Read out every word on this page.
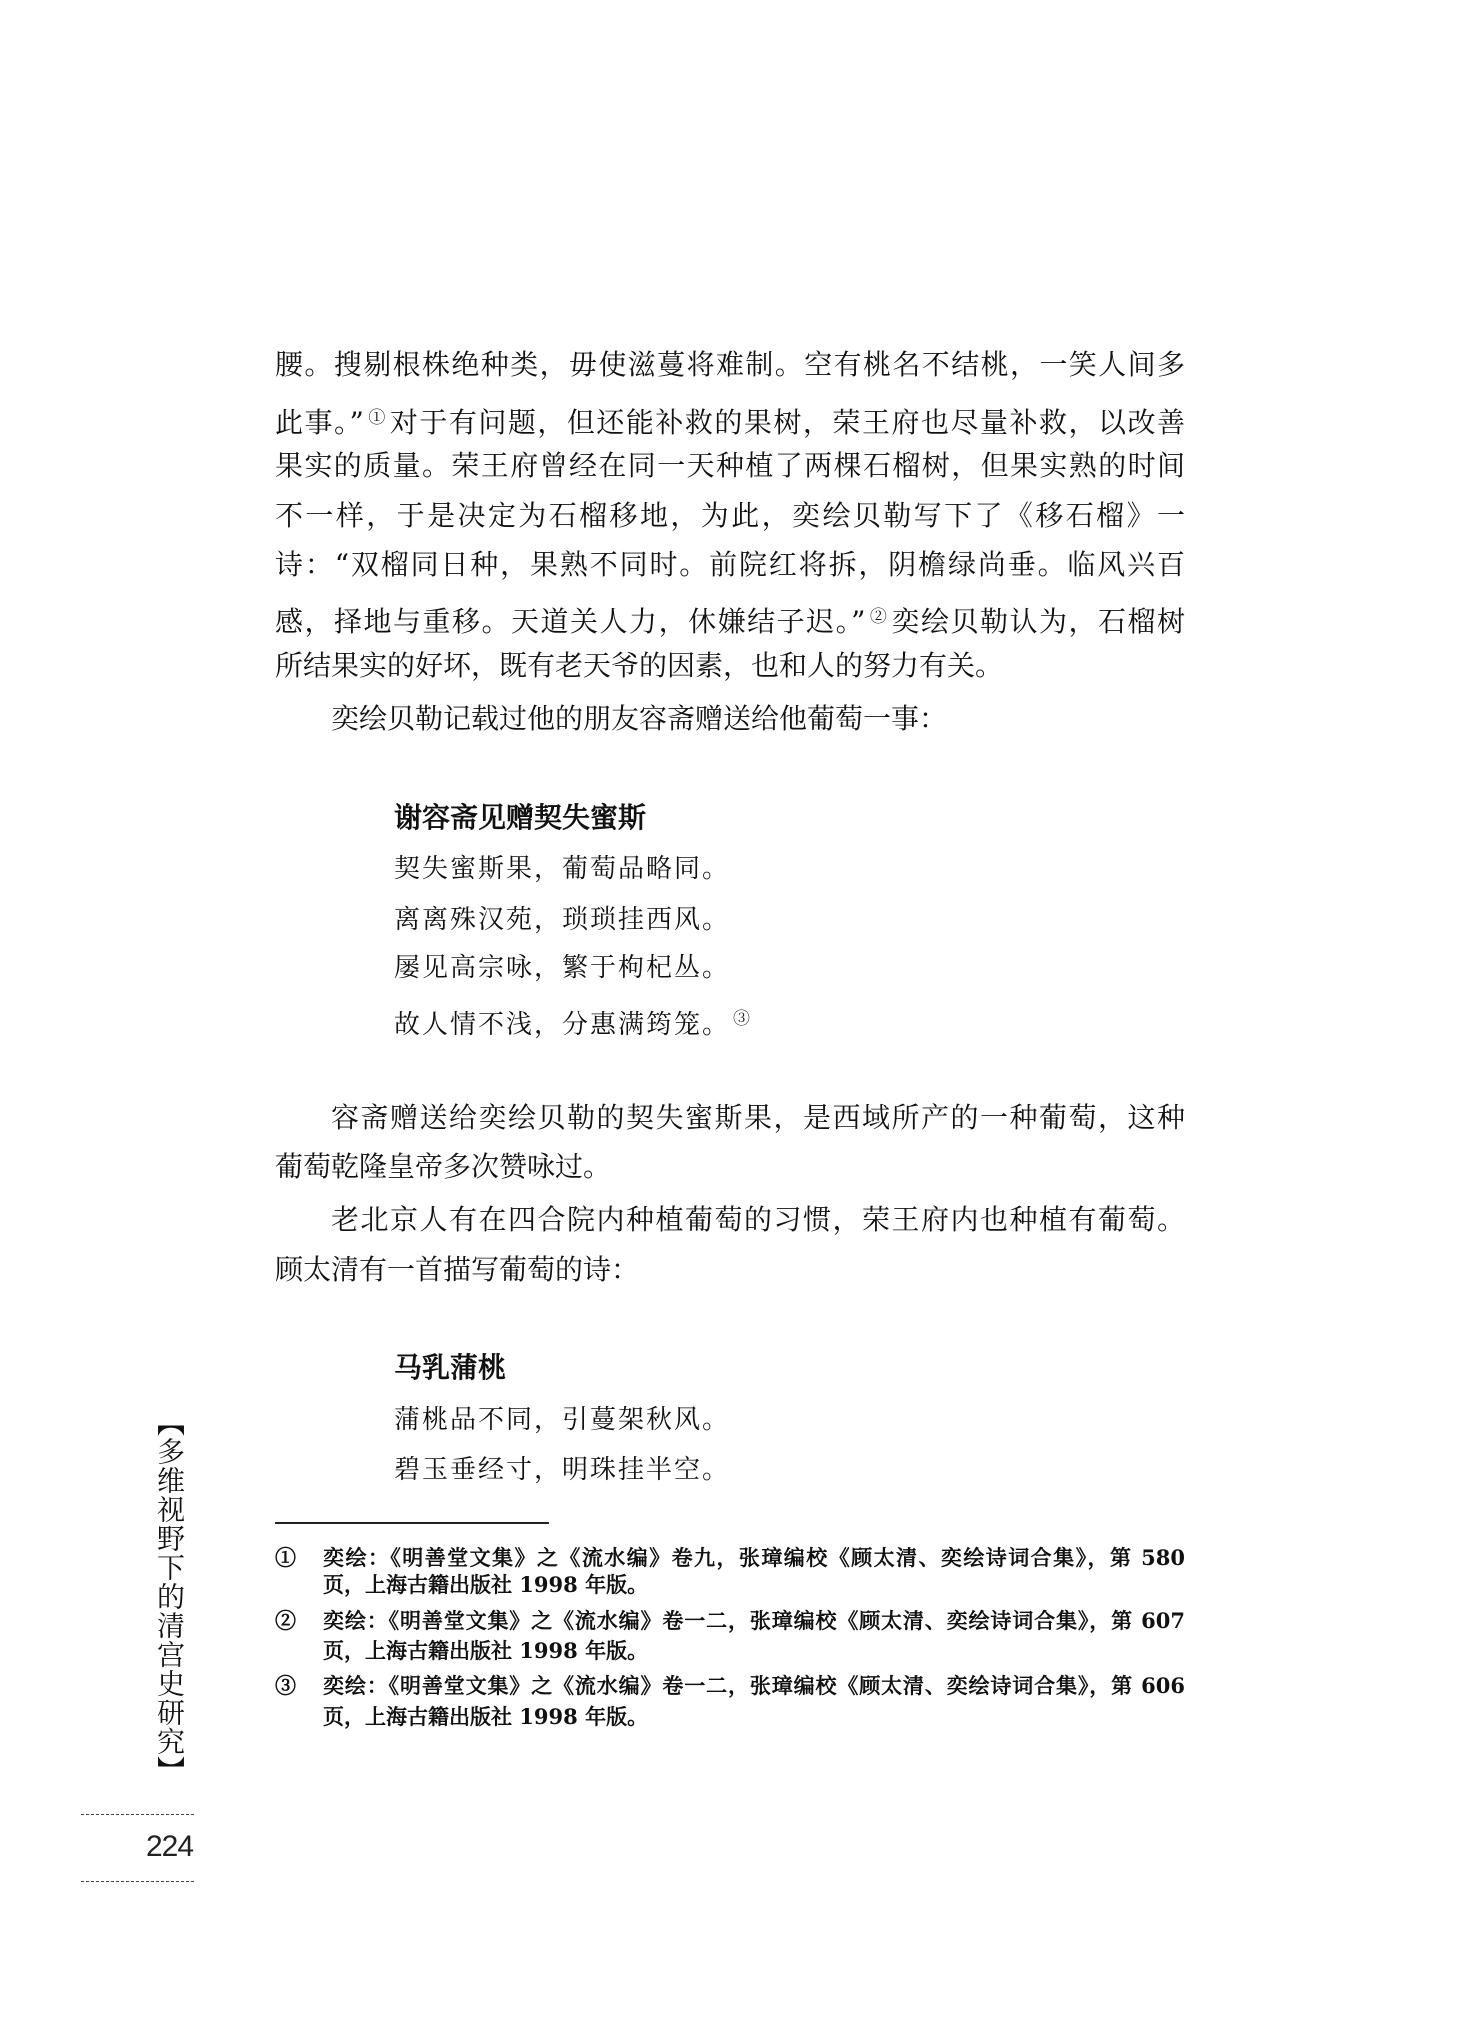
腰。搜剔根株绝种类，毋使滋蔓将难制。空有桃名不结桃，一笑人间多
此事。” ① 对于有问题，但还能补救的果树，荣王府也尽量补救，以改善
果实的质量。荣王府曾经在同一天种植了两棵石榴树，但果实熟的时间
不一样，于是决定为石榴移地，为此，奕绘贝勒写下了《移石榴》一
诗：“双榴同日种，果熟不同时。前院红将拆，阴檐绿尚垂。临风兴百
感，择地与重移。天道关人力，休嫌结子迟。” ② 奕绘贝勒认为，石榴树
所结果实的好坏，既有老天爷的因素，也和人的努力有关。
奕绘贝勒记载过他的朋友容斋赠送给他葡萄一事：
谢容斋见赠契失蜜斯
契失蜜斯果，葡萄品略同。
离离殊汉苑，琐琐挂西风。
屡见高宗咏，繁于枸杞丛。
故人情不浅，分惠满筠笼。 ③
容斋赠送给奕绘贝勒的契失蜜斯果，是西域所产的一种葡萄，这种
葡萄乾隆皇帝多次赞咏过。
老北京人有在四合院内种植葡萄的习惯，荣王府内也种植有葡萄。
顾太清有一首描写葡萄的诗：
马乳蒲桃
蒲桃品不同，引蔓架秋风。
碧玉垂经寸，明珠挂半空。
① 奕绘：《明善堂文集》之《流水编》卷九，张璋编校《顾太清、奕绘诗词合集》，第 580
页，上海古籍出版社 1998 年版。
② 奕绘：《明善堂文集》之《流水编》卷一二，张璋编校《顾太清、奕绘诗词合集》，第 607
页，上海古籍出版社 1998 年版。
③ 奕绘：《明善堂文集》之《流水编》卷一二，张璋编校《顾太清、奕绘诗词合集》，第 606
页，上海古籍出版社 1998 年版。
【多维视野下的清宫史研究】
224
